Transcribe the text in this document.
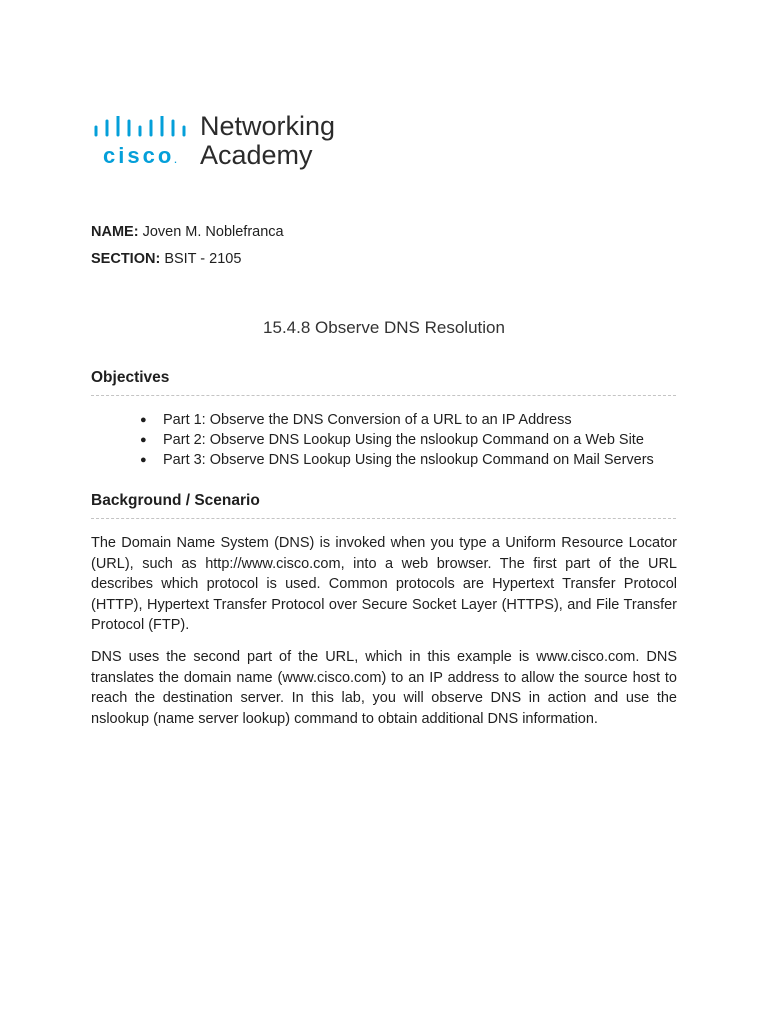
cisco.
Networking
Academy
NAME: Joven M. Noblefranca
SECTION: BSIT - 2105
15.4.8 Observe DNS Resolution
Objectives
● Part 1: Observe the DNS Conversion of a URL to an IP Address
● Part 2: Observe DNS Lookup Using the nslookup Command on a Web Site
● Part 3: Observe DNS Lookup Using the nslookup Command on Mail Servers
Background / Scenario

The Domain Name System (DNS) is invoked when you type a Uniform Resource Locator (URL), such as http://www.cisco.com, into a web browser. The first part of the URL describes which protocol is used. Common protocols are Hypertext Transfer Protocol (HTTP), Hypertext Transfer Protocol over Secure Socket Layer (HTTPS), and File Transfer Protocol (FTP).

DNS uses the second part of the URL, which in this example is www.cisco.com. DNS translates the domain name (www.cisco.com) to an IP address to allow the source host to reach the destination server. In this lab, you will observe DNS in action and use the nslookup (name server lookup) command to obtain additional DNS information.
